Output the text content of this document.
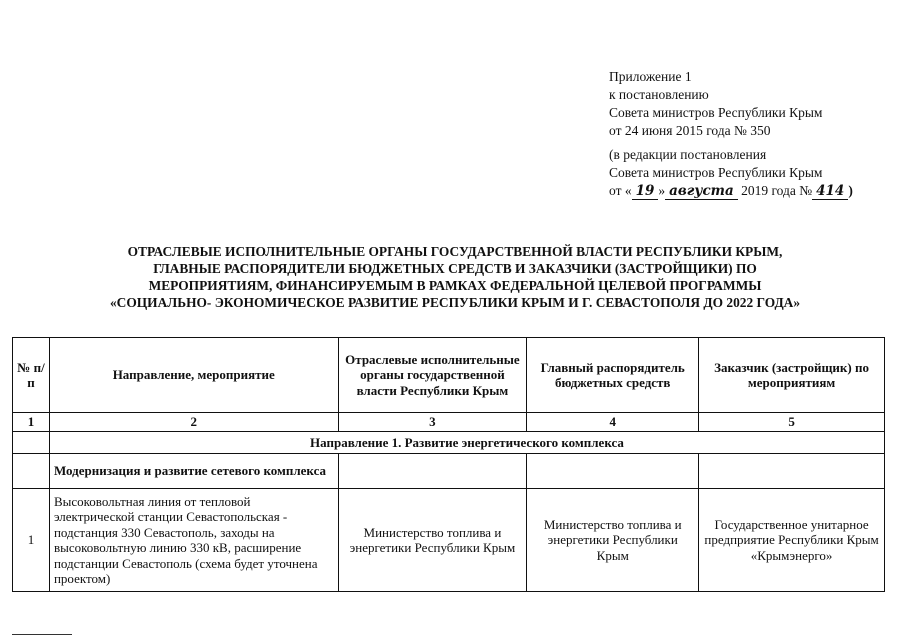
Приложение 1
к постановлению
Совета министров Республики Крым
от 24 июня 2015 года № 350
(в редакции постановления
Совета министров Республики Крым
от « 19 » августа 2019 года № 414 )
ОТРАСЛЕВЫЕ ИСПОЛНИТЕЛЬНЫЕ ОРГАНЫ ГОСУДАРСТВЕННОЙ ВЛАСТИ РЕСПУБЛИКИ КРЫМ,
ГЛАВНЫЕ РАСПОРЯДИТЕЛИ БЮДЖЕТНЫХ СРЕДСТВ И ЗАКАЗЧИКИ (ЗАСТРОЙЩИКИ) ПО
МЕРОПРИЯТИЯМ, ФИНАНСИРУЕМЫМ В РАМКАХ ФЕДЕРАЛЬНОЙ ЦЕЛЕВОЙ ПРОГРАММЫ
«СОЦИАЛЬНО- ЭКОНОМИЧЕСКОЕ РАЗВИТИЕ РЕСПУБЛИКИ КРЫМ И Г. СЕВАСТОПОЛЯ ДО 2022 ГОДА»
№ п/п	Направление, мероприятие	Отраслевые исполнительные органы государственной власти Республики Крым	Главный распорядитель бюджетных средств	Заказчик (застройщик) по мероприятиям
1	2	3	4	5
	Направление 1. Развитие энергетического комплекса			
	Модернизация и развитие сетевого комплекса			
1	Высоковольтная линия от тепловой электрической станции Севастопольская - подстанция 330 Севастополь, заходы на высоковольтную линию 330 кВ, расширение подстанции Севастополь (схема будет уточнена проектом)	Министерство топлива и энергетики Республики Крым	Министерство топлива и энергетики Республики Крым	Государственное унитарное предприятие Республики Крым «Крымэнерго»
